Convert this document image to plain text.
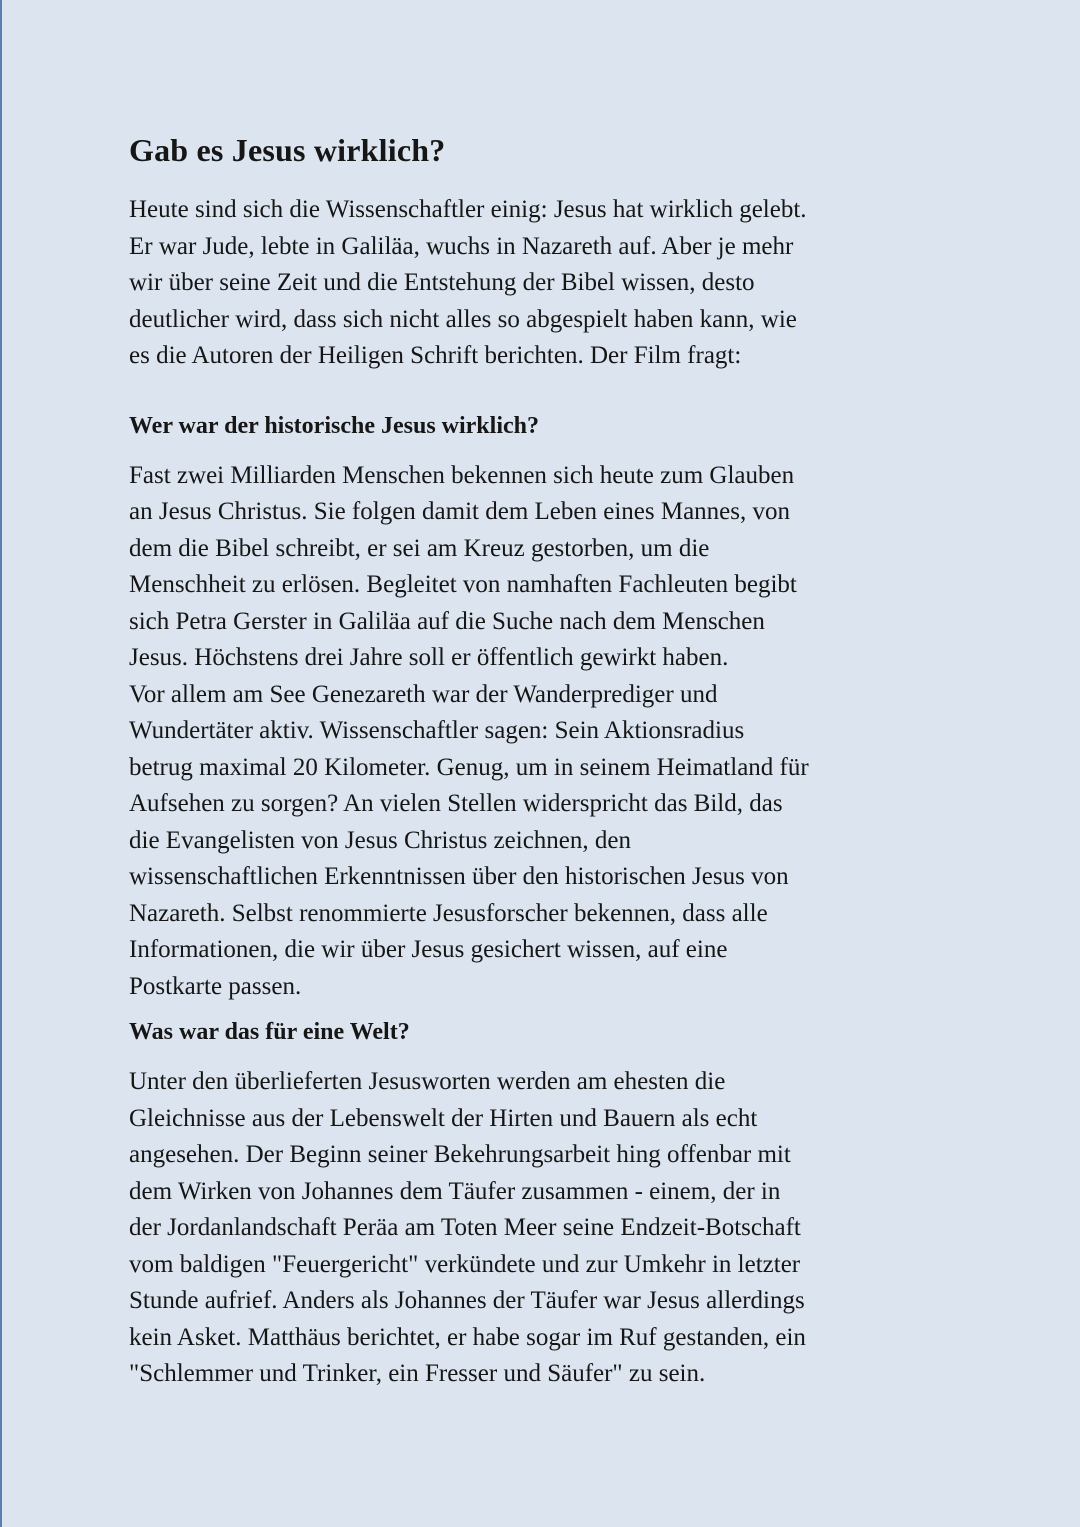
Gab es Jesus wirklich?

Heute sind sich die Wissenschaftler einig: Jesus hat wirklich gelebt.
Er war Jude, lebte in Galiläa, wuchs in Nazareth auf. Aber je mehr
wir über seine Zeit und die Entstehung der Bibel wissen, desto
deutlicher wird, dass sich nicht alles so abgespielt haben kann, wie
es die Autoren der Heiligen Schrift berichten. Der Film fragt:

Wer war der historische Jesus wirklich?

Fast zwei Milliarden Menschen bekennen sich heute zum Glauben
an Jesus Christus. Sie folgen damit dem Leben eines Mannes, von
dem die Bibel schreibt, er sei am Kreuz gestorben, um die
Menschheit zu erlösen. Begleitet von namhaften Fachleuten begibt
sich Petra Gerster in Galiläa auf die Suche nach dem Menschen
Jesus. Höchstens drei Jahre soll er öffentlich gewirkt haben.
Vor allem am See Genezareth war der Wanderprediger und
Wundertäter aktiv. Wissenschaftler sagen: Sein Aktionsradius
betrug maximal 20 Kilometer. Genug, um in seinem Heimatland für
Aufsehen zu sorgen? An vielen Stellen widerspricht das Bild, das
die Evangelisten von Jesus Christus zeichnen, den
wissenschaftlichen Erkenntnissen über den historischen Jesus von
Nazareth. Selbst renommierte Jesusforscher bekennen, dass alle
Informationen, die wir über Jesus gesichert wissen, auf eine
Postkarte passen.

Was war das für eine Welt?

Unter den überlieferten Jesusworten werden am ehesten die
Gleichnisse aus der Lebenswelt der Hirten und Bauern als echt
angesehen. Der Beginn seiner Bekehrungsarbeit hing offenbar mit
dem Wirken von Johannes dem Täufer zusammen - einem, der in
der Jordanlandschaft Peräa am Toten Meer seine Endzeit-Botschaft
vom baldigen "Feuergericht" verkündete und zur Umkehr in letzter
Stunde aufrief. Anders als Johannes der Täufer war Jesus allerdings
kein Asket. Matthäus berichtet, er habe sogar im Ruf gestanden, ein
"Schlemmer und Trinker, ein Fresser und Säufer" zu sein.
